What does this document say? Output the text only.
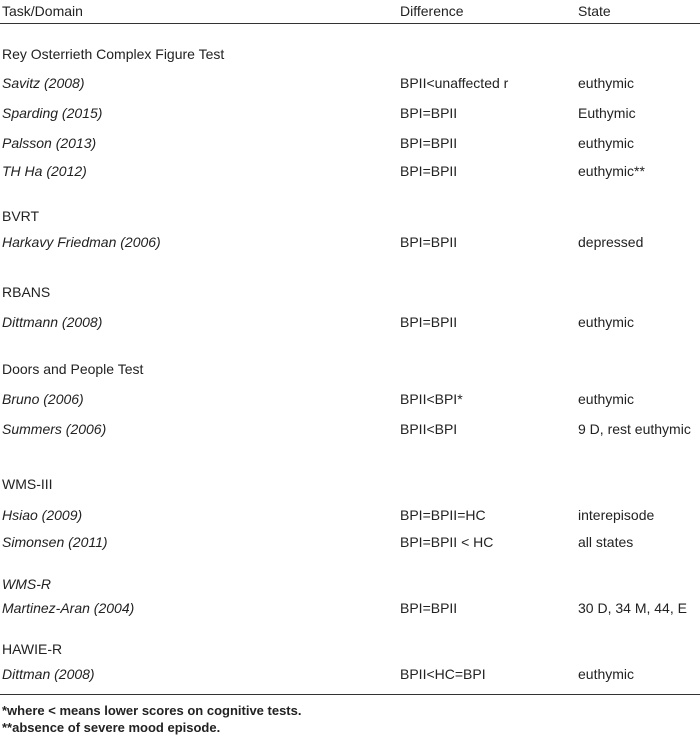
Task/Domain	Difference	State
Rey Osterrieth Complex Figure Test
Savitz (2008)	BPII<unaffected r	euthymic
Sparding (2015)	BPI=BPII	Euthymic
Palsson (2013)	BPI=BPII	euthymic
TH Ha (2012)	BPI=BPII	euthymic**
BVRT
Harkavy Friedman (2006)	BPI=BPII	depressed
RBANS
Dittmann (2008)	BPI=BPII	euthymic
Doors and People Test
Bruno (2006)	BPII<BPI*	euthymic
Summers (2006)	BPII<BPI	9 D, rest euthymic
WMS-III
Hsiao (2009)	BPI=BPII=HC	interepisode
Simonsen (2011)	BPI=BPII < HC	all states
WMS-R
Martinez-Aran (2004)	BPI=BPII	30 D, 34 M, 44, E
HAWIE-R
Dittman (2008)	BPII<HC=BPI	euthymic
*where < means lower scores on cognitive tests.
**absence of severe mood episode.
